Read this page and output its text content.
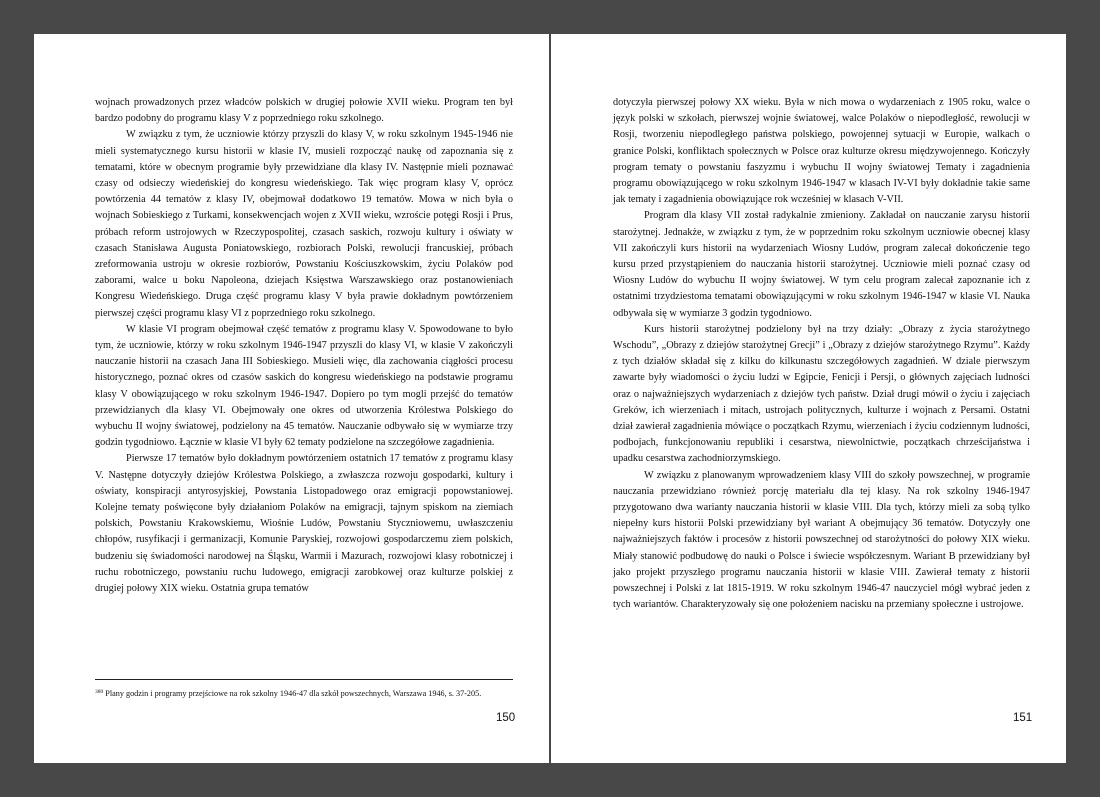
wojnach prowadzonych przez władców polskich w drugiej połowie XVII wieku. Program ten był bardzo podobny do programu klasy V z poprzedniego roku szkolnego.

W związku z tym, że uczniowie którzy przyszli do klasy V, w roku szkolnym 1945-1946 nie mieli systematycznego kursu historii w klasie IV, musieli rozpocząć naukę od zapoznania się z tematami, które w obecnym programie były przewidziane dla klasy IV. Następnie mieli poznawać czasy od odsieczy wiedeńskiej do kongresu wiedeńskiego. Tak więc program klasy V, oprócz powtórzenia 44 tematów z klasy IV, obejmował dodatkowo 19 tematów. Mowa w nich była o wojnach Sobieskiego z Turkami, konsekwencjach wojen z XVII wieku, wzroście potęgi Rosji i Prus, próbach reform ustrojowych w Rzeczypospolitej, czasach saskich, rozwoju kultury i oświaty w czasach Stanisława Augusta Poniatowskiego, rozbiorach Polski, rewolucji francuskiej, próbach zreformowania ustroju w okresie rozbiorów, Powstaniu Kościuszkowskim, życiu Polaków pod zaborami, walce u boku Napoleona, dziejach Księstwa Warszawskiego oraz postanowieniach Kongresu Wiedeńskiego. Druga część programu klasy V była prawie dokładnym powtórzeniem pierwszej części programu klasy VI z poprzedniego roku szkolnego.

W klasie VI program obejmował część tematów z programu klasy V. Spowodowane to było tym, że uczniowie, którzy w roku szkolnym 1946-1947 przyszli do klasy VI, w klasie V zakończyli nauczanie historii na czasach Jana III Sobieskiego. Musieli więc, dla zachowania ciągłości procesu historycznego, poznać okres od czasów saskich do kongresu wiedeńskiego na podstawie programu klasy V obowiązującego w roku szkolnym 1946-1947. Dopiero po tym mogli przejść do tematów przewidzianych dla klasy VI. Obejmowały one okres od utworzenia Królestwa Polskiego do wybuchu II wojny światowej, podzielony na 45 tematów. Nauczanie odbywało się w wymiarze trzy godzin tygodniowo. Łącznie w klasie VI były 62 tematy podzielone na szczegółowe zagadnienia.

Pierwsze 17 tematów było dokładnym powtórzeniem ostatnich 17 tematów z programu klasy V. Następne dotyczyły dziejów Królestwa Polskiego, a zwłaszcza rozwoju gospodarki, kultury i oświaty, konspiracji antyrosyjskiej, Powstania Listopadowego oraz emigracji popowstaniowej. Kolejne tematy poświęcone były działaniom Polaków na emigracji, tajnym spiskom na ziemiach polskich, Powstaniu Krakowskiemu, Wiośnie Ludów, Powstaniu Styczniowemu, uwłaszczeniu chłopów, rusyfikacji i germanizacji, Komunie Paryskiej, rozwojowi gospodarczemu ziem polskich, budzeniu się świadomości narodowej na Śląsku, Warmii i Mazurach, rozwojowi klasy robotniczej i ruchu robotniczego, powstaniu ruchu ludowego, emigracji zarobkowej oraz kulturze polskiej z drugiej połowy XIX wieku. Ostatnia grupa tematów

$^{380}$ Plany godzin i programy przejściowe na rok szkolny 1946-47 dla szkół powszechnych, Warszawa 1946, s. 37-205.
150

dotyczyła pierwszej połowy XX wieku. Była w nich mowa o wydarzeniach z 1905 roku, walce o język polski w szkołach, pierwszej wojnie światowej, walce Polaków o niepodległość, rewolucji w Rosji, tworzeniu niepodległego państwa polskiego, powojennej sytuacji w Europie, walkach o granice Polski, konfliktach społecznych w Polsce oraz kulturze okresu międzywojennego. Kończyły program tematy o powstaniu faszyzmu i wybuchu II wojny światowej Tematy i zagadnienia programu obowiązującego w roku szkolnym 1946-1947 w klasach IV-VI były dokładnie takie same jak tematy i zagadnienia obowiązujące rok wcześniej w klasach V-VII.

Program dla klasy VII został radykalnie zmieniony. Zakładał on nauczanie zarysu historii starożytnej. Jednakże, w związku z tym, że w poprzednim roku szkolnym uczniowie obecnej klasy VII zakończyli kurs historii na wydarzeniach Wiosny Ludów, program zalecał dokończenie tego kursu przed przystąpieniem do nauczania historii starożytnej. Uczniowie mieli poznać czasy od Wiosny Ludów do wybuchu II wojny światowej. W tym celu program zalecał zapoznanie ich z ostatnimi trzydziestoma tematami obowiązującymi w roku szkolnym 1946-1947 w klasie VI. Nauka odbywała się w wymiarze 3 godzin tygodniowo.

Kurs historii starożytnej podzielony był na trzy działy: „Obrazy z życia starożytnego Wschodu”, „Obrazy z dziejów starożytnej Grecji” i „Obrazy z dziejów starożytnego Rzymu”. Każdy z tych działów składał się z kilku do kilkunastu szczegółowych zagadnień. W dziale pierwszym zawarte były wiadomości o życiu ludzi w Egipcie, Fenicji i Persji, o głównych zajęciach ludności oraz o najważniejszych wydarzeniach z dziejów tych państw. Dział drugi mówił o życiu i zajęciach Greków, ich wierzeniach i mitach, ustrojach politycznych, kulturze i wojnach z Persami. Ostatni dział zawierał zagadnienia mówiące o początkach Rzymu, wierzeniach i życiu codziennym ludności, podbojach, funkcjonowaniu republiki i cesarstwa, niewolnictwie, początkach chrześcijaństwa i upadku cesarstwa zachodniorzymskiego.

W związku z planowanym wprowadzeniem klasy VIII do szkoły powszechnej, w programie nauczania przewidziano również porcję materiału dla tej klasy. Na rok szkolny 1946-1947 przygotowano dwa warianty nauczania historii w klasie VIII. Dla tych, którzy mieli za sobą tylko niepełny kurs historii Polski przewidziany był wariant A obejmujący 36 tematów. Dotyczyły one najważniejszych faktów i procesów z historii powszechnej od starożytności do połowy XIX wieku. Miały stanowić podbudowę do nauki o Polsce i świecie współczesnym. Wariant B przewidziany był jako projekt przyszłego programu nauczania historii w klasie VIII. Zawierał tematy z historii powszechnej i Polski z lat 1815-1919. W roku szkolnym 1946-47 nauczyciel mógł wybrać jeden z tych wariantów. Charakteryzowały się one położeniem nacisku na przemiany społeczne i ustrojowe.

151
